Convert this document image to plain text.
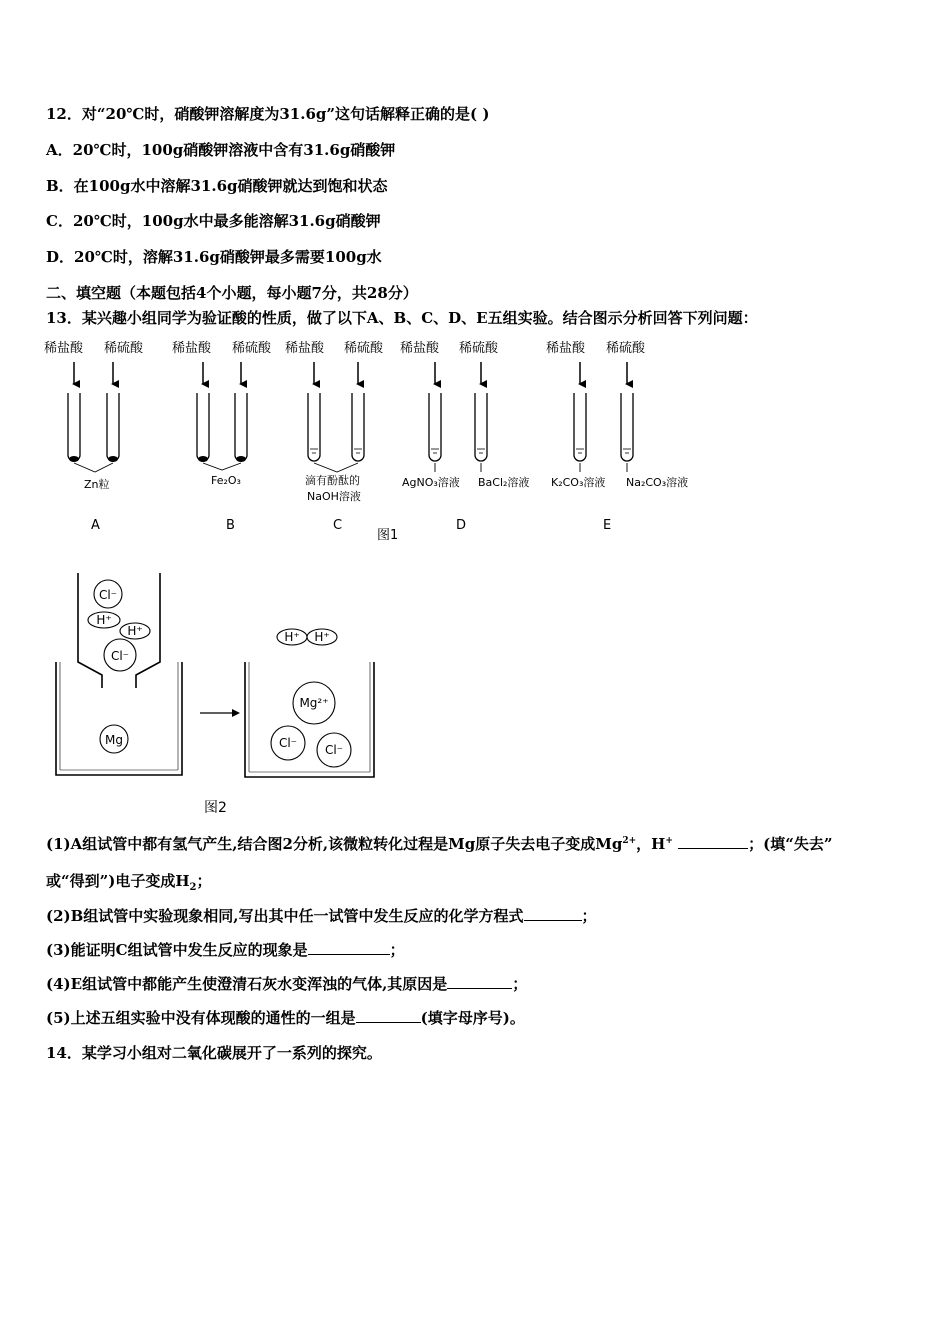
12．对“20℃时，硝酸钾溶解度为31.6g”这句话解释正确的是( )
A．20℃时，100g硝酸钾溶液中含有31.6g硝酸钾
B．在100g水中溶解31.6g硝酸钾就达到饱和状态
C．20℃时，100g水中最多能溶解31.6g硝酸钾
D．20℃时，溶解31.6g硝酸钾最多需要100g水
二、填空题（本题包括4个小题，每小题7分，共28分）
13．某兴趣小组同学为验证酸的性质，做了以下A、B、C、D、E五组实验。结合图示分析回答下列问题：
稀盐酸 稀硫酸 稀盐酸 稀硫酸 稀盐酸 稀硫酸 稀盐酸 稀硫酸	稀盐酸 稀硫酸
Zn粒	Fe₂O₃	滴有酚酞的
NaOH溶液
AgNO₃溶液 BaCl₂溶液 K₂CO₃溶液 Na₂CO₃溶液
A	B	C	D	E
图1
Cl⁻
H⁺
H⁺
Cl⁻
Mg
H⁺ H⁺
Mg²⁺
Cl⁻ Cl⁻
图2
(1)A组试管中都有氢气产生,结合图2分析,该微粒转化过程是Mg原子失去电子变成$Mg^{2+}$，H+	；(填“失去”
或“得到”)电子变成$H_2$；
(2)B组试管中实验现象相同,写出其中任一试管中发生反应的化学方程式	；
(3)能证明C组试管中发生反应的现象是	；
(4)E组试管中都能产生使澄清石灰水变浑浊的气体,其原因是	；
(5)上述五组实验中没有体现酸的通性的一组是	(填字母序号)。
14．某学习小组对二氧化碳展开了一系列的探究。
